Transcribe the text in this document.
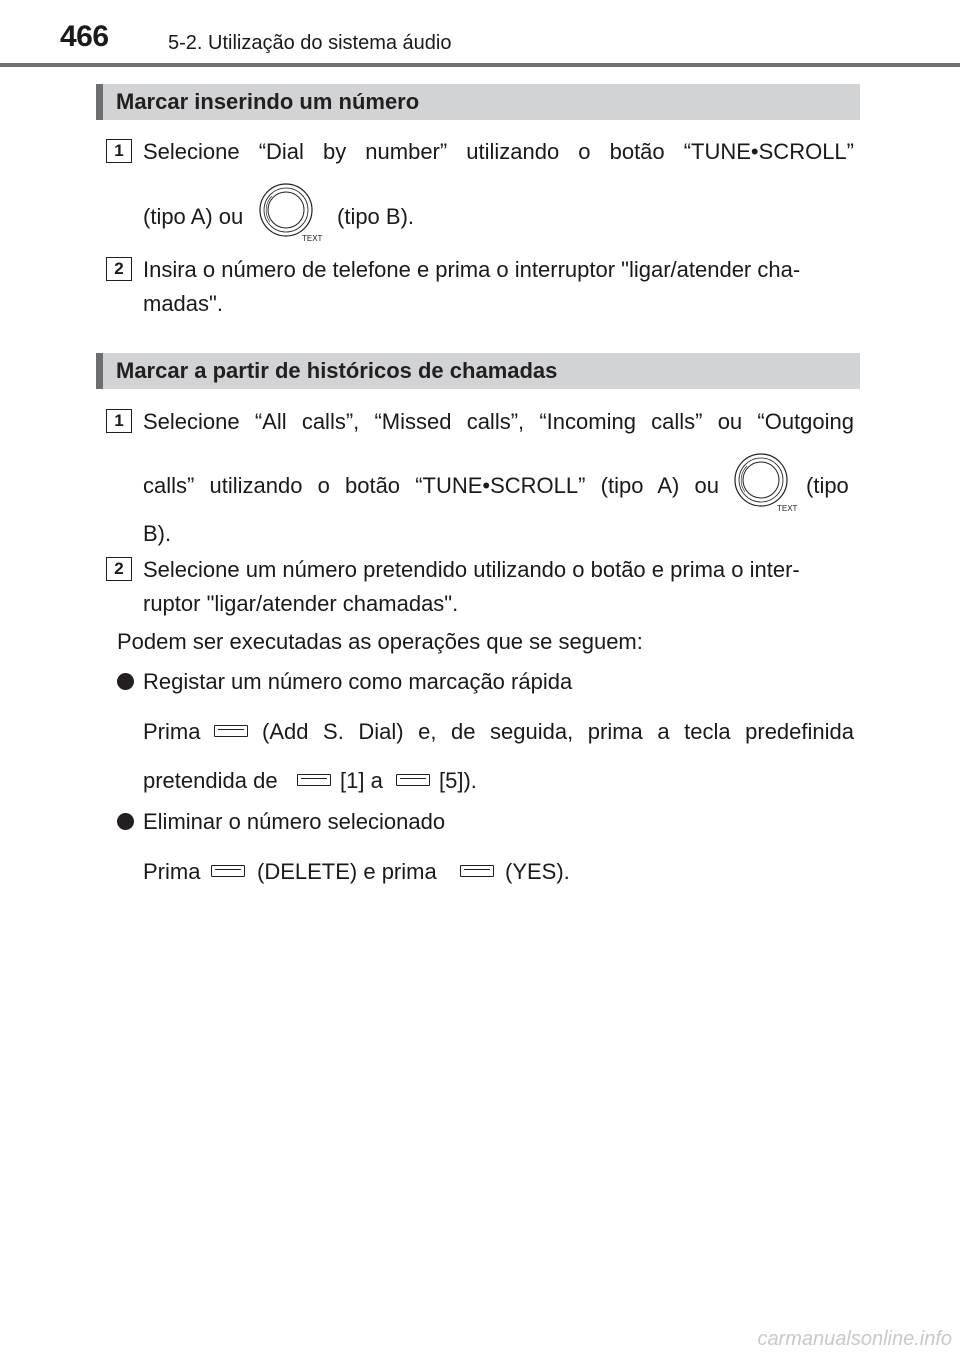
466	5-2. Utilização do sistema áudio
Marcar inserindo um número
1 Selecione “Dial by number” utilizando o botão “TUNE•SCROLL”
(tipo A) ou
TEXT
(tipo B).
2 Insira o número de telefone e prima o interruptor "ligar/atender cha-
madas".
Marcar a partir de históricos de chamadas
1 Selecione “All calls”, “Missed calls”, “Incoming calls” ou “Outgoing
calls” utilizando o botão “TUNE•SCROLL” (tipo A) ou
TEXT
(tipo
B).
2 Selecione um número pretendido utilizando o botão e prima o inter-
ruptor "ligar/atender chamadas".
Podem ser executadas as operações que se seguem:
Registar um número como marcação rápida
Prima	(Add S. Dial) e, de seguida, prima a tecla predefinida
pretendida de	[1] a	[5]).
Eliminar o número selecionado
Prima	(DELETE) e prima	(YES).
carmanualsonline.info
